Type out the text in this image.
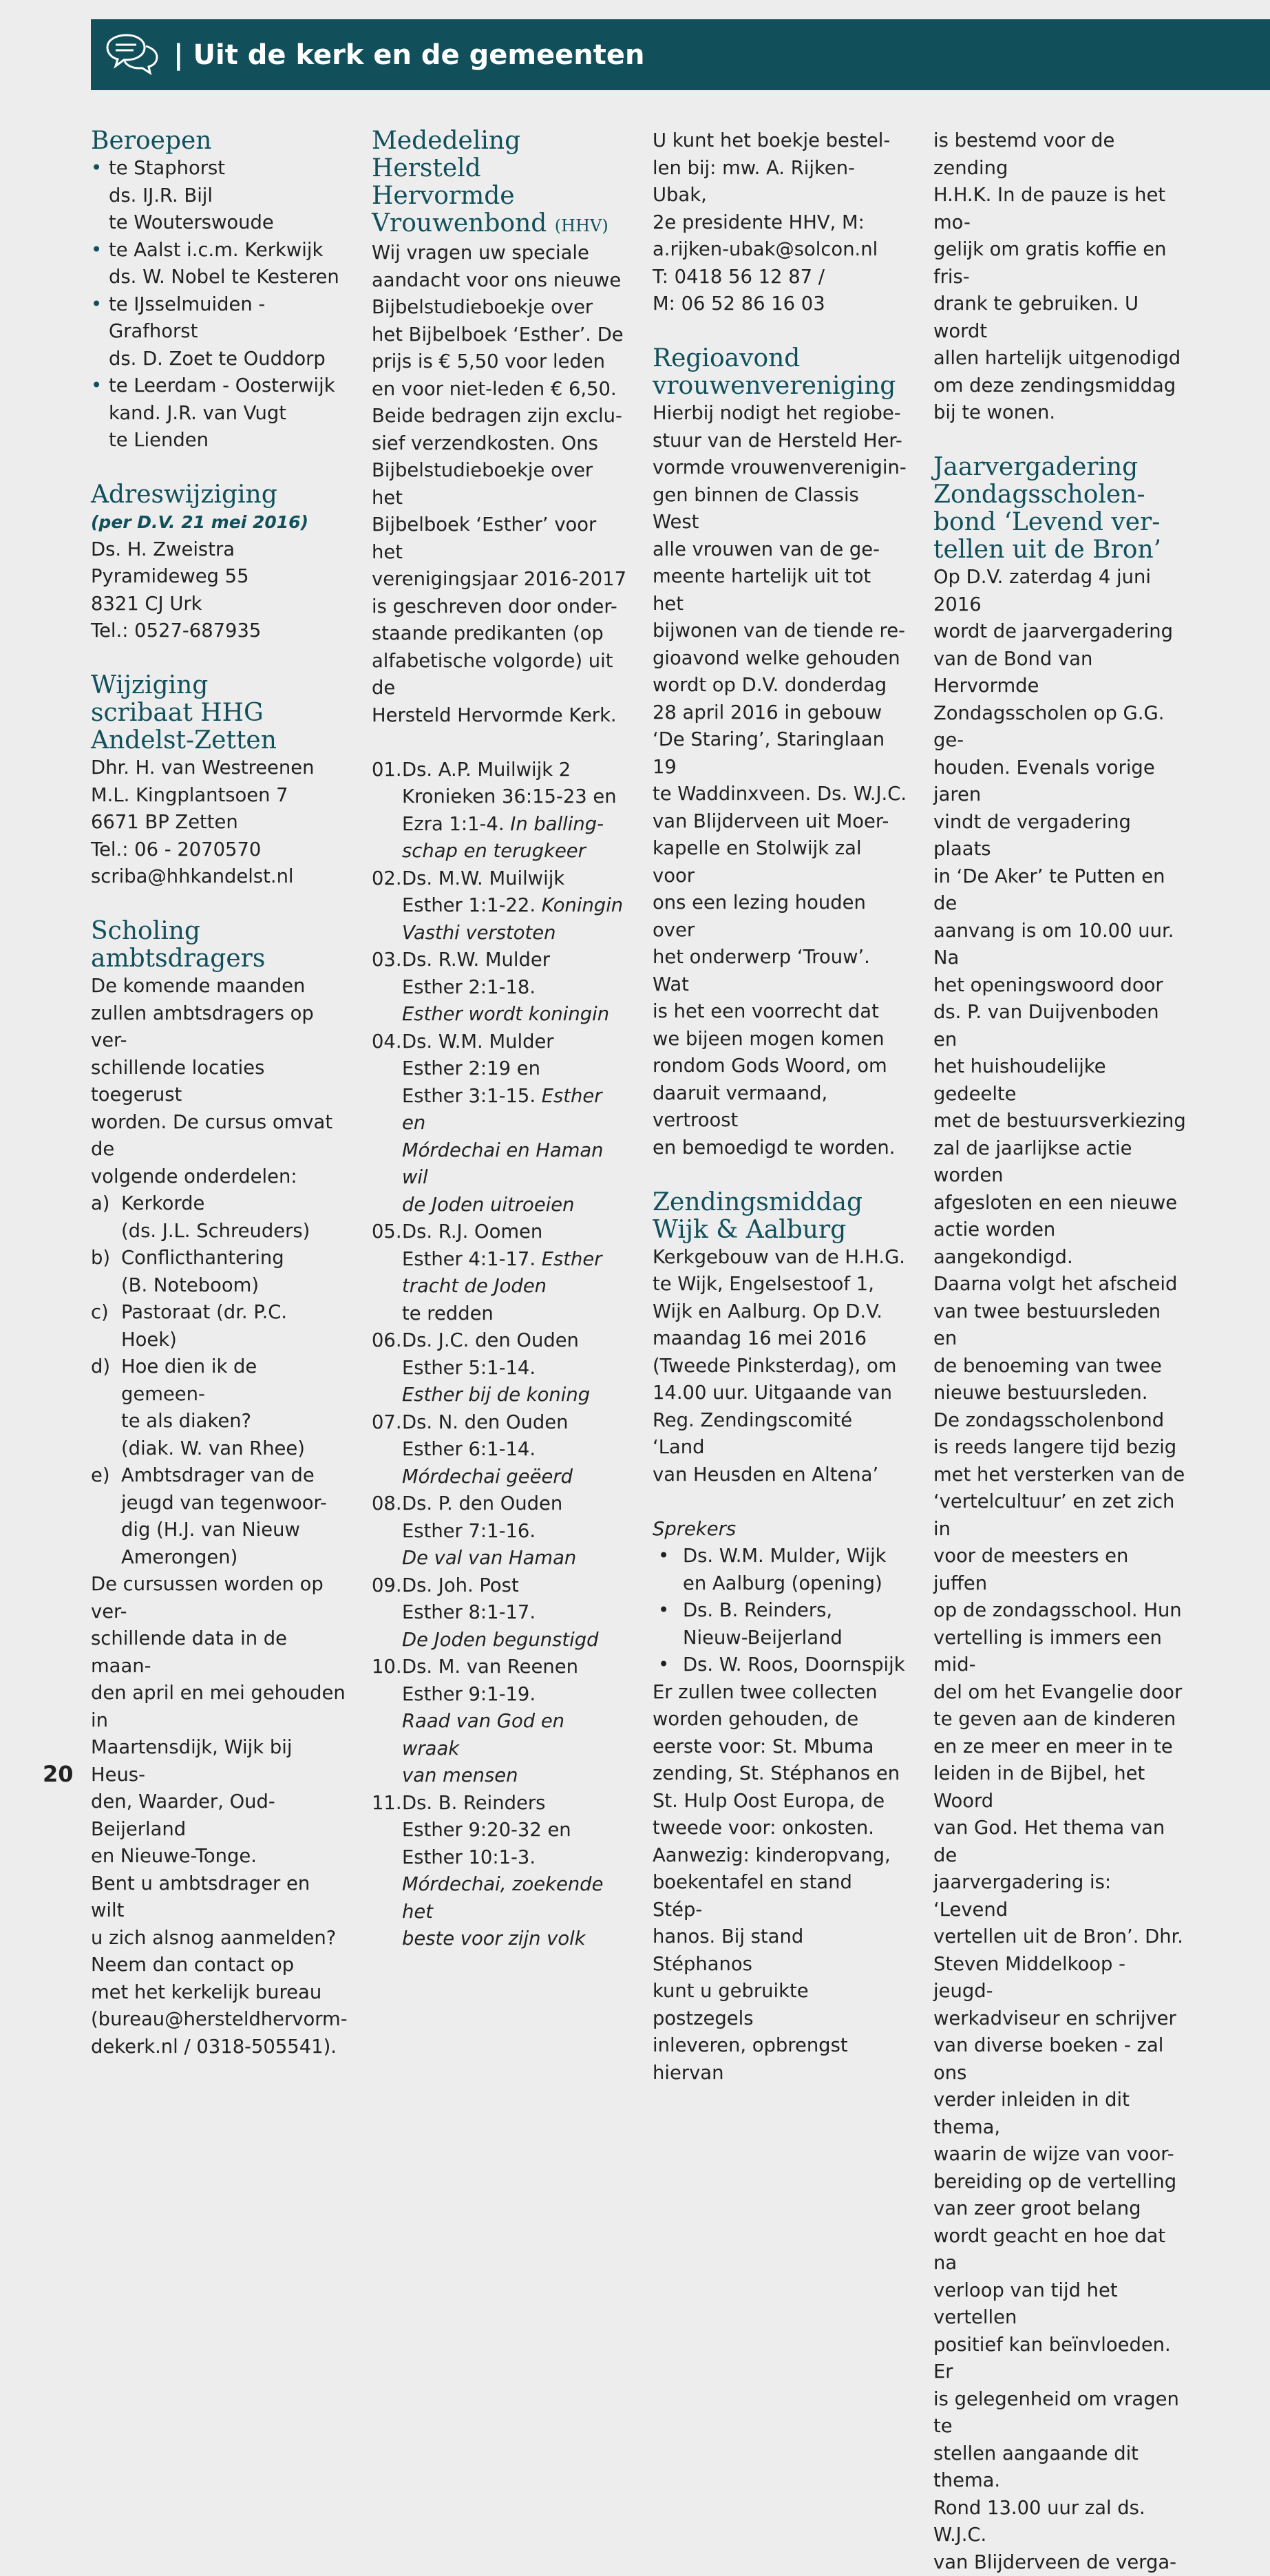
| Uit de kerk en de gemeenten
Beroepen

• te Staphorst

ds. IJ.R. Bijl

te Wouterswoude

• te Aalst i.c.m. Kerkwijk

ds. W. Nobel te Kesteren

• te IJsselmuiden - Grafhorst

ds. D. Zoet te Ouddorp

• te Leerdam - Oosterwijk

kand. J.R. van Vugt

te Lienden

Adreswijziging

(per D.V. 21 mei 2016)

Ds. H. Zweistra

Pyramideweg 55

8321 CJ Urk

Tel.: 0527-687935

Wijziging
scribaat HHG
Andelst-Zetten

Dhr. H. van Westreenen

M.L. Kingplantsoen 7

6671 BP Zetten

Tel.: 06 - 2070570

scriba@hhkandelst.nl

Scholing
ambtsdragers

De komende maanden

zullen ambtsdragers op ver-

schillende locaties toegerust

worden. De cursus omvat de

volgende onderdelen:

a) Kerkorde

(ds. J.L. Schreuders)

b) Conflicthantering

(B. Noteboom)

c) Pastoraat (dr. P.C. Hoek)

d) Hoe dien ik de gemeen-

te als diaken?

(diak. W. van Rhee)

e) Ambtsdrager van de

jeugd van tegenwoor-

dig (H.J. van Nieuw

Amerongen)

De cursussen worden op ver-

schillende data in de maan-

den april en mei gehouden in

Maartensdijk, Wijk bij Heus-

den, Waarder, Oud-Beijerland

en Nieuwe-Tonge.

Bent u ambtsdrager en wilt

u zich alsnog aanmelden?

Neem dan contact op

met het kerkelijk bureau

(bureau@hersteldhervorm-

dekerk.nl / 0318-505541).

Mededeling
Hersteld Hervormde
Vrouwenbond (HHV)

Wij vragen uw speciale

aandacht voor ons nieuwe

Bijbelstudieboekje over

het Bijbelboek ‘Esther’. De

prijs is € 5,50 voor leden

en voor niet-leden € 6,50.

Beide bedragen zijn exclu-

sief verzendkosten. Ons

Bijbelstudieboekje over het

Bijbelboek ‘Esther’ voor het

verenigingsjaar 2016-2017

is geschreven door onder-

staande predikanten (op

alfabetische volgorde) uit de

Hersteld Hervormde Kerk.

01. Ds. A.P. Muilwijk 2

Kronieken 36:15-23 en

Ezra 1:1-4. In balling-

schap en terugkeer

02. Ds. M.W. Muilwijk

Esther 1:1-22. Koningin

Vasthi verstoten

03. Ds. R.W. Mulder

Esther 2:1-18.

Esther wordt koningin

04. Ds. W.M. Mulder

Esther 2:19 en

Esther 3:1-15. Esther en

Mórdechai en Haman wil

de Joden uitroeien

05. Ds. R.J. Oomen

Esther 4:1-17. Esther

tracht de Joden

te redden

06. Ds. J.C. den Ouden

Esther 5:1-14.

Esther bij de koning

07. Ds. N. den Ouden

Esther 6:1-14.

Mórdechai geëerd

08. Ds. P. den Ouden

Esther 7:1-16.

De val van Haman

09. Ds. Joh. Post

Esther 8:1-17.

De Joden begunstigd

10. Ds. M. van Reenen

Esther 9:1-19.

Raad van God en wraak

van mensen

11. Ds. B. Reinders

Esther 9:20-32 en

Esther 10:1-3.

Mórdechai, zoekende het

beste voor zijn volk

U kunt het boekje bestel-

len bij: mw. A. Rijken-Ubak,

2e presidente HHV, M:

a.rijken-ubak@solcon.nl

T: 0418 56 12 87 /

M: 06 52 86 16 03

Regioavond
vrouwenvereniging

Hierbij nodigt het regiobe-

stuur van de Hersteld Her-

vormde vrouwenverenigin-

gen binnen de Classis West

alle vrouwen van de ge-

meente hartelijk uit tot het

bijwonen van de tiende re-

gioavond welke gehouden

wordt op D.V. donderdag

28 april 2016 in gebouw

‘De Staring’, Staringlaan 19

te Waddinxveen. Ds. W.J.C.

van Blijderveen uit Moer-

kapelle en Stolwijk zal voor

ons een lezing houden over

het onderwerp ‘Trouw’. Wat

is het een voorrecht dat

we bijeen mogen komen

rondom Gods Woord, om

daaruit vermaand, vertroost

en bemoedigd te worden.

Zendingsmiddag
Wijk & Aalburg

Kerkgebouw van de H.H.G.

te Wijk, Engelsestoof 1,

Wijk en Aalburg. Op D.V.

maandag 16 mei 2016

(Tweede Pinksterdag), om

14.00 uur. Uitgaande van

Reg. Zendingscomité ‘Land

van Heusden en Altena’

Sprekers

• Ds. W.M. Mulder, Wijk

en Aalburg (opening)

• Ds. B. Reinders,

Nieuw-Beijerland

• Ds. W. Roos, Doornspijk

Er zullen twee collecten

worden gehouden, de

eerste voor: St. Mbuma

zending, St. Stéphanos en

St. Hulp Oost Europa, de

tweede voor: onkosten.

Aanwezig: kinderopvang,

boekentafel en stand Stép-

hanos. Bij stand Stéphanos

kunt u gebruikte postzegels

inleveren, opbrengst hiervan

is bestemd voor de zending

H.H.K. In de pauze is het mo-

gelijk om gratis koffie en fris-

drank te gebruiken. U wordt

allen hartelijk uitgenodigd

om deze zendingsmiddag

bij te wonen.

Jaarvergadering
Zondagsscholen-
bond ‘Levend ver-
tellen uit de Bron’

Op D.V. zaterdag 4 juni 2016

wordt de jaarvergadering

van de Bond van Hervormde

Zondagsscholen op G.G. ge-

houden. Evenals vorige jaren

vindt de vergadering plaats

in ‘De Aker’ te Putten en de

aanvang is om 10.00 uur. Na

het openingswoord door

ds. P. van Duijvenboden en

het huishoudelijke gedeelte

met de bestuursverkiezing

zal de jaarlijkse actie worden

afgesloten en een nieuwe

actie worden aangekondigd.

Daarna volgt het afscheid

van twee bestuursleden en

de benoeming van twee

nieuwe bestuursleden.

De zondagsscholenbond

is reeds langere tijd bezig

met het versterken van de

‘vertelcultuur’ en zet zich in

voor de meesters en juffen

op de zondagsschool. Hun

vertelling is immers een mid-

del om het Evangelie door

te geven aan de kinderen

en ze meer en meer in te

leiden in de Bijbel, het Woord

van God. Het thema van de

jaarvergadering is: ‘Levend

vertellen uit de Bron’. Dhr.

Steven Middelkoop - jeugd-

werkadviseur en schrijver

van diverse boeken - zal ons

verder inleiden in dit thema,

waarin de wijze van voor-

bereiding op de vertelling

van zeer groot belang

wordt geacht en hoe dat na

verloop van tijd het vertellen

positief kan beïnvloeden. Er

is gelegenheid om vragen te

stellen aangaande dit thema.

Rond 13.00 uur zal ds. W.J.C.

van Blijderveen de verga-

20
